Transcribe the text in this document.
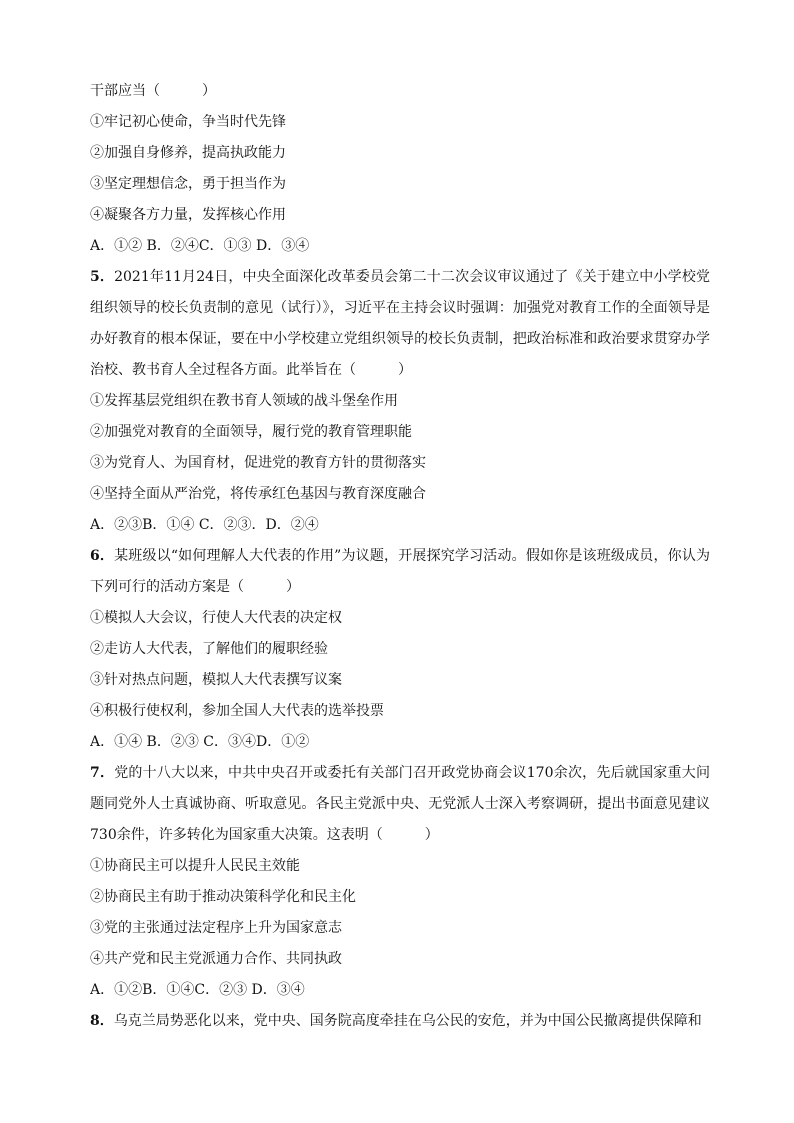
干部应当（　　　）
①牢记初心使命，争当时代先锋
②加强自身修养，提高执政能力
③坚定理想信念，勇于担当作为
④凝聚各方力量，发挥核心作用
A．①② B．②④C．①③ D．③④
5．2021年11月24日，中央全面深化改革委员会第二十二次会议审议通过了《关于建立中小学校党组织领导的校长负责制的意见（试行）》，习近平在主持会议时强调：加强党对教育工作的全面领导是办好教育的根本保证，要在中小学校建立党组织领导的校长负责制，把政治标准和政治要求贯穿办学治校、教书育人全过程各方面。此举旨在（　　　）
①发挥基层党组织在教书育人领域的战斗堡垒作用
②加强党对教育的全面领导，履行党的教育管理职能
③为党育人、为国育材，促进党的教育方针的贯彻落实
④坚持全面从严治党，将传承红色基因与教育深度融合
A．②③B．①④ C．②③．D．②④
6．某班级以“如何理解人大代表的作用”为议题，开展探究学习活动。假如你是该班级成员，你认为下列可行的活动方案是（　　　）
①模拟人大会议，行使人大代表的决定权
②走访人大代表，了解他们的履职经验
③针对热点问题，模拟人大代表撰写议案
④积极行使权利，参加全国人大代表的选举投票
A．①④ B．②③ C．③④D．①②
7．党的十八大以来，中共中央召开或委托有关部门召开政党协商会议170余次，先后就国家重大问题同党外人士真诚协商、听取意见。各民主党派中央、无党派人士深入考察调研，提出书面意见建议730余件，许多转化为国家重大决策。这表明（　　　）
①协商民主可以提升人民民主效能
②协商民主有助于推动决策科学化和民主化
③党的主张通过法定程序上升为国家意志
④共产党和民主党派通力合作、共同执政
A．①②B．①④C．②③ D．③④
8．乌克兰局势恶化以来，党中央、国务院高度牵挂在乌公民的安危，并为中国公民撤离提供保障和
